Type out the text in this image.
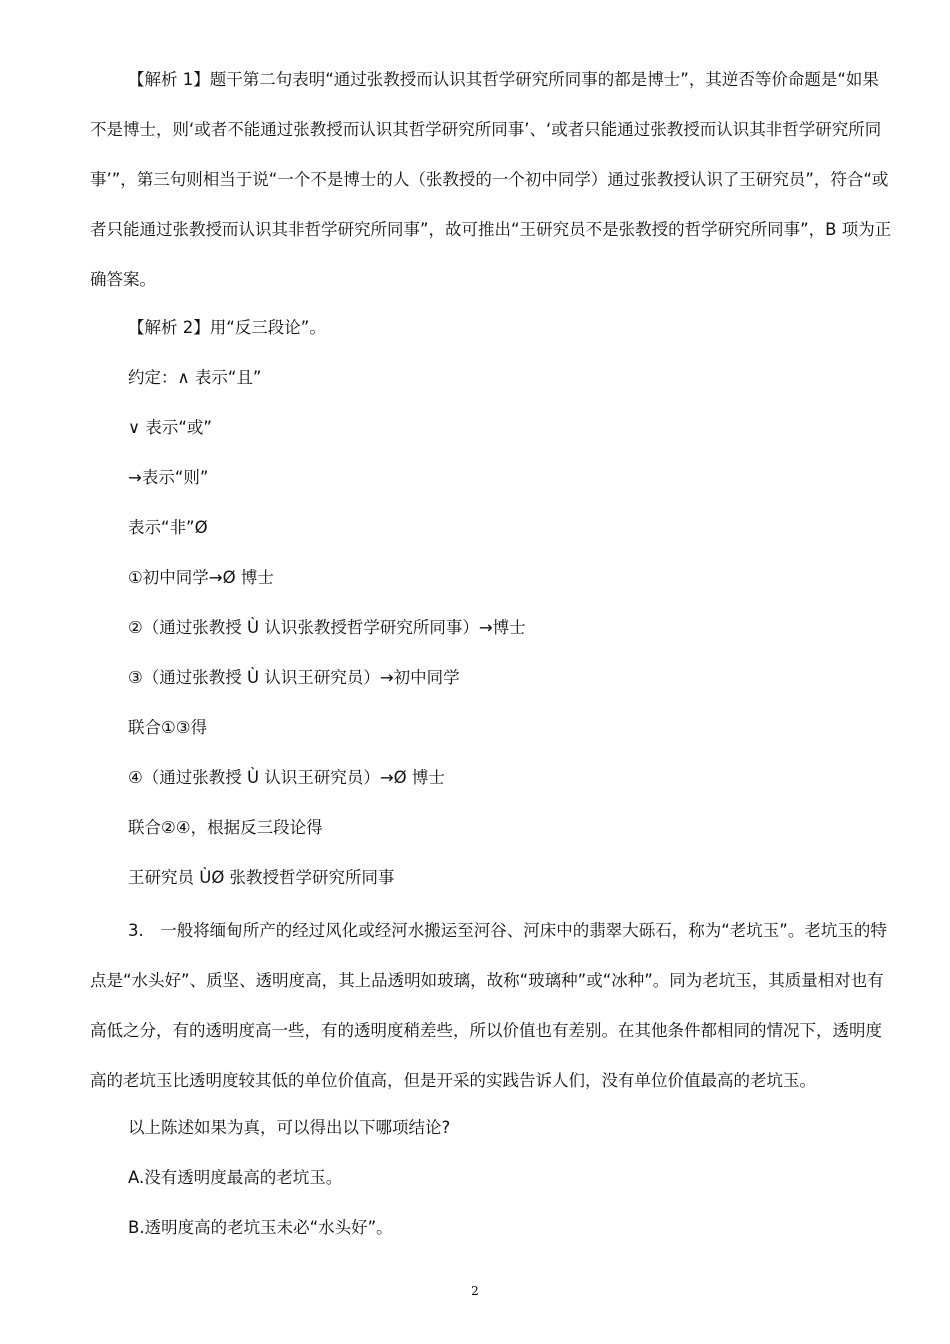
【解析 1】题干第二句表明“通过张教授而认识其哲学研究所同事的都是博士”，其逆否等价命题是“如果不是博士，则‘或者不能通过张教授而认识其哲学研究所同事’、‘或者只能通过张教授而认识其非哲学研究所同事’”，第三句则相当于说“一个不是博士的人（张教授的一个初中同学）通过张教授认识了王研究员”，符合“或者只能通过张教授而认识其非哲学研究所同事”，故可推出“王研究员不是张教授的哲学研究所同事”，B 项为正确答案。

【解析 2】用“反三段论”。

约定：∧ 表示“且”

∨ 表示“或”

→表示“则”

表示“非”Ø

①初中同学→Ø 博士

②（通过张教授 Ù 认识张教授哲学研究所同事）→博士

③（通过张教授 Ù 认识王研究员）→初中同学

联合①③得

④（通过张教授 Ù 认识王研究员）→Ø 博士

联合②④，根据反三段论得

王研究员 ÙØ 张教授哲学研究所同事

3.　一般将缅甸所产的经过风化或经河水搬运至河谷、河床中的翡翠大砾石，称为“老坑玉”。老坑玉的特点是“水头好”、质坚、透明度高，其上品透明如玻璃，故称“玻璃种”或“冰种”。同为老坑玉，其质量相对也有高低之分，有的透明度高一些，有的透明度稍差些，所以价值也有差别。在其他条件都相同的情况下，透明度高的老坑玉比透明度较其低的单位价值高，但是开采的实践告诉人们，没有单位价值最高的老坑玉。

以上陈述如果为真，可以得出以下哪项结论?

A.没有透明度最高的老坑玉。

B.透明度高的老坑玉未必“水头好”。

2
